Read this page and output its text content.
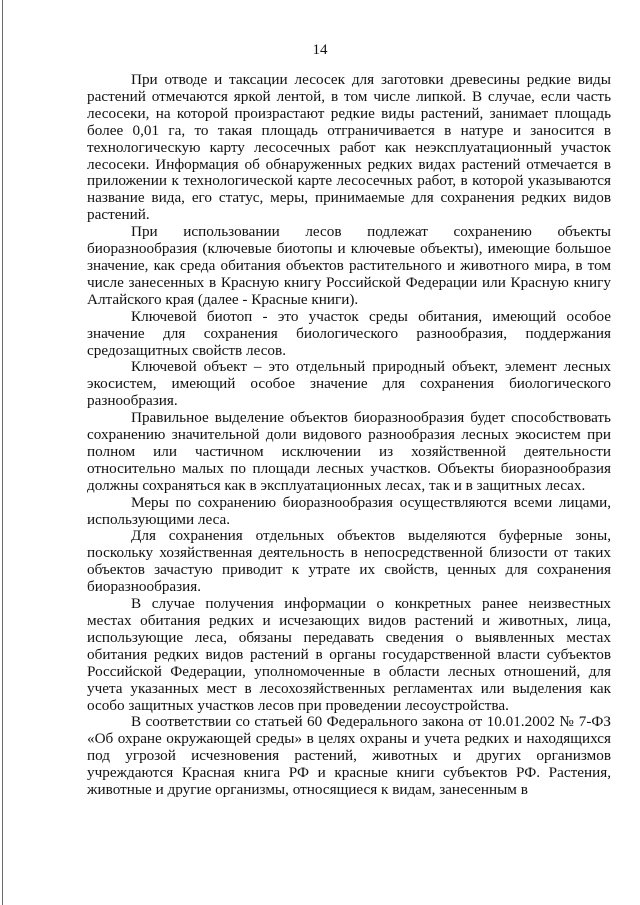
14

При отводе и таксации лесосек для заготовки древесины редкие виды растений отмечаются яркой лентой, в том числе липкой. В случае, если часть лесосеки, на которой произрастают редкие виды растений, занимает площадь более 0,01 га, то такая площадь отграничивается в натуре и заносится в технологическую карту лесосечных работ как неэксплуатационный участок лесосеки. Информация об обнаруженных редких видах растений отмечается в приложении к технологической карте лесосечных работ, в которой указываются название вида, его статус, меры, принимаемые для сохранения редких видов растений.

При использовании лесов подлежат сохранению объекты биоразнообразия (ключевые биотопы и ключевые объекты), имеющие большое значение, как среда обитания объектов растительного и животного мира, в том числе занесенных в Красную книгу Российской Федерации или Красную книгу Алтайского края (далее - Красные книги).

Ключевой биотоп - это участок среды обитания, имеющий особое значение для сохранения биологического разнообразия, поддержания средозащитных свойств лесов.

Ключевой объект – это отдельный природный объект, элемент лесных экосистем, имеющий особое значение для сохранения биологического разнообразия.

Правильное выделение объектов биоразнообразия будет способствовать сохранению значительной доли видового разнообразия лесных экосистем при полном или частичном исключении из хозяйственной деятельности относительно малых по площади лесных участков. Объекты биоразнообразия должны сохраняться как в эксплуатационных лесах, так и в защитных лесах.

Меры по сохранению биоразнообразия осуществляются всеми лицами, использующими леса.

Для сохранения отдельных объектов выделяются буферные зоны, поскольку хозяйственная деятельность в непосредственной близости от таких объектов зачастую приводит к утрате их свойств, ценных для сохранения биоразнообразия.

В случае получения информации о конкретных ранее неизвестных местах обитания редких и исчезающих видов растений и животных, лица, использующие леса, обязаны передавать сведения о выявленных местах обитания редких видов растений в органы государственной власти субъектов Российской Федерации, уполномоченные в области лесных отношений, для учета указанных мест в лесохозяйственных регламентах или выделения как особо защитных участков лесов при проведении лесоустройства.

В соответствии со статьей 60 Федерального закона от 10.01.2002 № 7-ФЗ «Об охране окружающей среды» в целях охраны и учета редких и находящихся под угрозой исчезновения растений, животных и других организмов учреждаются Красная книга РФ и красные книги субъектов РФ. Растения, животные и другие организмы, относящиеся к видам, занесенным в
